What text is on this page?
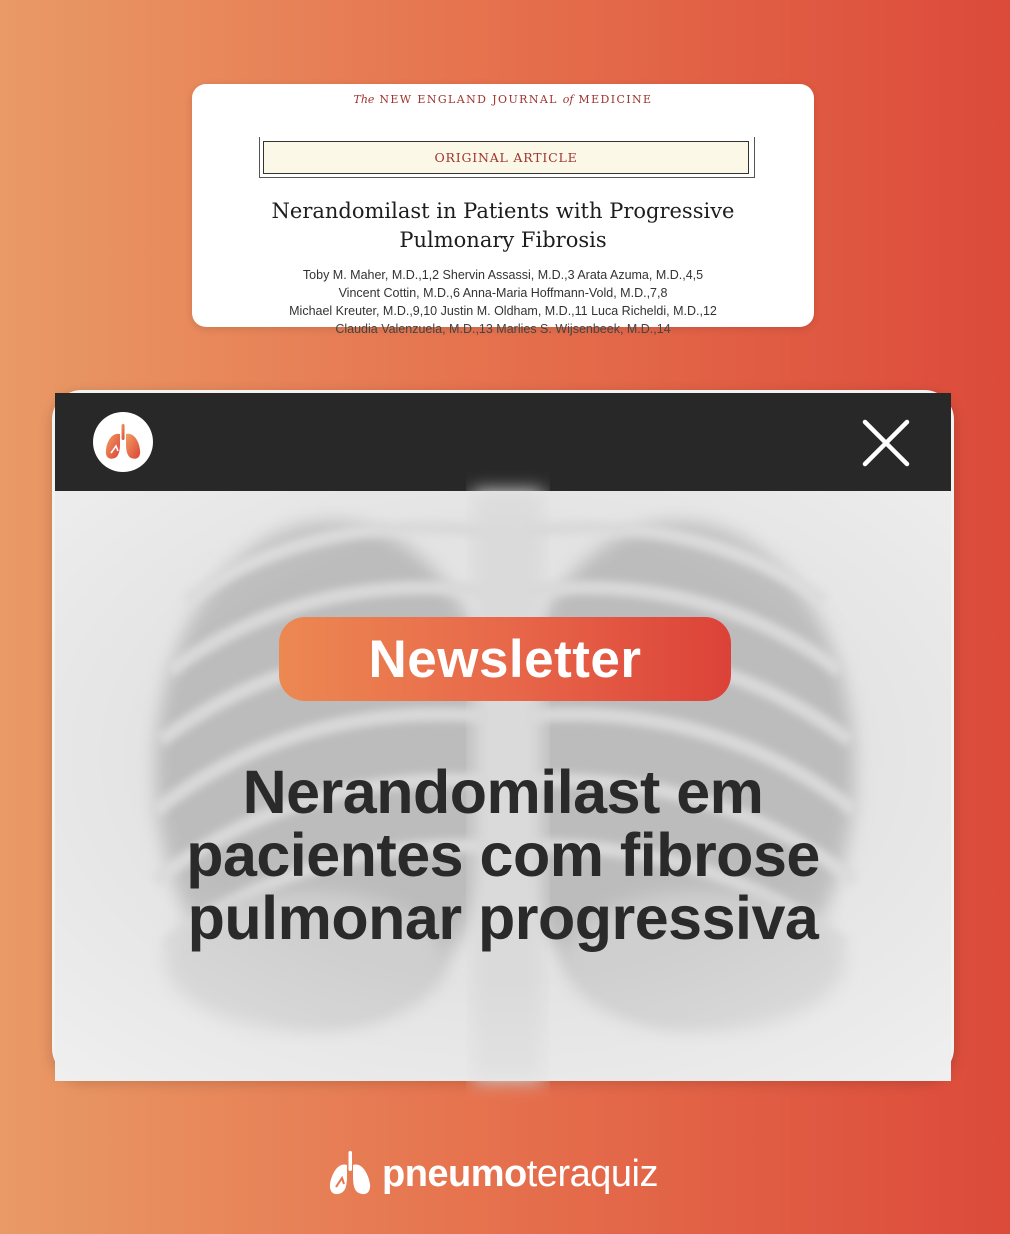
The NEW ENGLAND JOURNAL of MEDICINE
ORIGINAL ARTICLE
Nerandomilast in Patients with Progressive
Pulmonary Fibrosis
Toby M. Maher, M.D.,1,2 Shervin Assassi, M.D.,3 Arata Azuma, M.D.,4,5
Vincent Cottin, M.D.,6 Anna-Maria Hoffmann-Vold, M.D.,7,8
Michael Kreuter, M.D.,9,10 Justin M. Oldham, M.D.,11 Luca Richeldi, M.D.,12
Claudia Valenzuela, M.D.,13 Marlies S. Wijsenbeek, M.D.,14
Newsletter
Nerandomilast em
pacientes com fibrose
pulmonar progressiva
pneumoteraquiz
